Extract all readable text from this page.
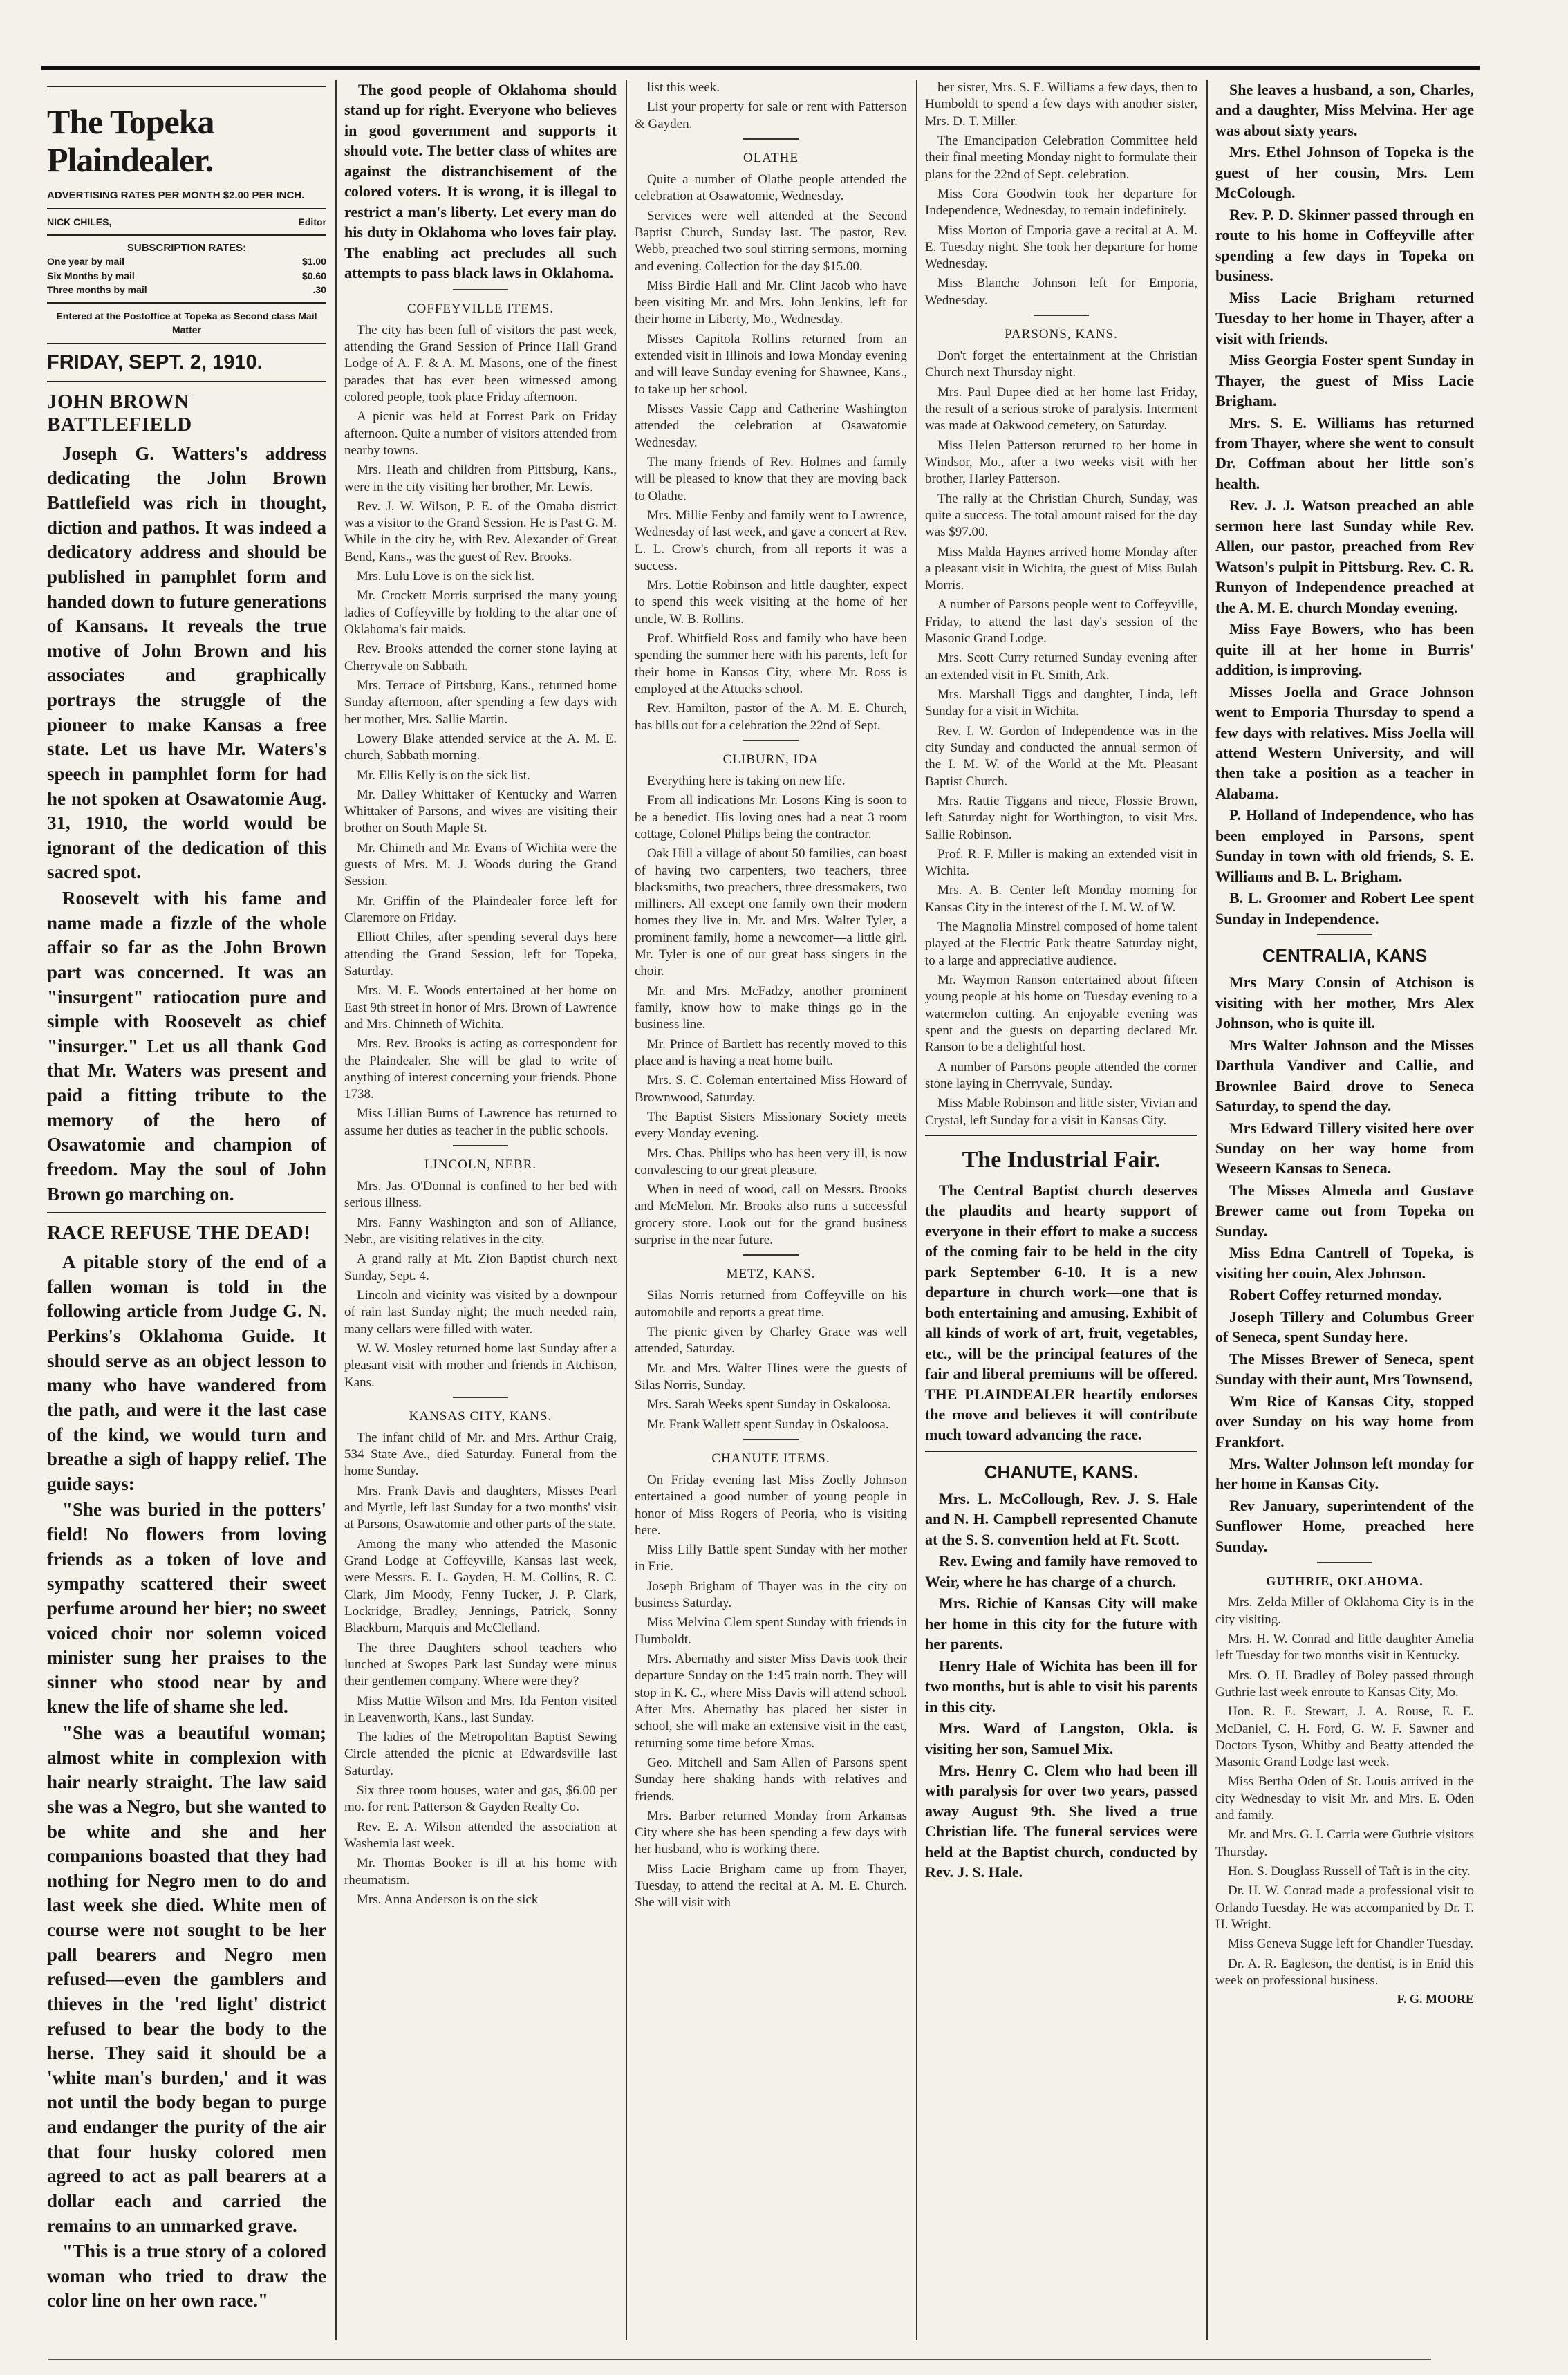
The Topeka Plaindealer.
ADVERTISING RATES PER MONTH $2.00 PER INCH.
NICK CHILES,	Editor
SUBSCRIPTION RATES:
One year by mail	$1.00
Six Months by mail	$0.60
Three months by mail	.30
Entered at the Postoffice at Topeka as Second class Mail Matter
FRIDAY, SEPT. 2, 1910.
JOHN BROWN BATTLEFIELD

Joseph G. Watters's address dedicating the John Brown Battlefield was rich in thought, diction and pathos. It was indeed a dedicatory address and should be published in pamphlet form and handed down to future generations of Kansans. It reveals the true motive of John Brown and his associates and graphically portrays the struggle of the pioneer to make Kansas a free state. Let us have Mr. Waters's speech in pamphlet form for had he not spoken at Osawatomie Aug. 31, 1910, the world would be ignorant of the dedication of this sacred spot.

Roosevelt with his fame and name made a fizzle of the whole affair so far as the John Brown part was concerned. It was an "insurgent" ratiocation pure and simple with Roosevelt as chief "insurger." Let us all thank God that Mr. Waters was present and paid a fitting tribute to the memory of the hero of Osawatomie and champion of freedom. May the soul of John Brown go marching on.

RACE REFUSE THE DEAD!

A pitable story of the end of a fallen woman is told in the following article from Judge G. N. Perkins's Oklahoma Guide. It should serve as an object lesson to many who have wandered from the path, and were it the last case of the kind, we would turn and breathe a sigh of happy relief. The guide says:

"She was buried in the potters' field! No flowers from loving friends as a token of love and sympathy scattered their sweet perfume around her bier; no sweet voiced choir nor solemn voiced minister sung her praises to the sinner who stood near by and knew the life of shame she led.

"She was a beautiful woman; almost white in complexion with hair nearly straight. The law said she was a Negro, but she wanted to be white and she and her companions boasted that they had nothing for Negro men to do and last week she died. White men of course were not sought to be her pall bearers and Negro men refused—even the gamblers and thieves in the 'red light' district refused to bear the body to the herse. They said it should be a 'white man's burden,' and it was not until the body began to purge and endanger the purity of the air that four husky colored men agreed to act as pall bearers at a dollar each and carried the remains to an unmarked grave.

"This is a true story of a colored woman who tried to draw the color line on her own race."

The good people of Oklahoma should stand up for right. Everyone who believes in good government and supports it should vote. The better class of whites are against the distranchisement of the colored voters. It is wrong, it is illegal to restrict a man's liberty. Let every man do his duty in Oklahoma who loves fair play. The enabling act precludes all such attempts to pass black laws in Oklahoma.

COFFEYVILLE ITEMS.

The city has been full of visitors the past week, attending the Grand Session of Prince Hall Grand Lodge of A. F. & A. M. Masons, one of the finest parades that has ever been witnessed among colored people, took place Friday afternoon.

A picnic was held at Forrest Park on Friday afternoon. Quite a number of visitors attended from nearby towns.

Mrs. Heath and children from Pittsburg, Kans., were in the city visiting her brother, Mr. Lewis.

Rev. J. W. Wilson, P. E. of the Omaha district was a visitor to the Grand Session. He is Past G. M. While in the city he, with Rev. Alexander of Great Bend, Kans., was the guest of Rev. Brooks.

Mrs. Lulu Love is on the sick list.

Mr. Crockett Morris surprised the many young ladies of Coffeyville by holding to the altar one of Oklahoma's fair maids.

Rev. Brooks attended the corner stone laying at Cherryvale on Sabbath.

Mrs. Terrace of Pittsburg, Kans., returned home Sunday afternoon, after spending a few days with her mother, Mrs. Sallie Martin.

Lowery Blake attended service at the A. M. E. church, Sabbath morning.

Mr. Ellis Kelly is on the sick list.

Mr. Dalley Whittaker of Kentucky and Warren Whittaker of Parsons, and wives are visiting their brother on South Maple St.

Mr. Chimeth and Mr. Evans of Wichita were the guests of Mrs. M. J. Woods during the Grand Session.

Mr. Griffin of the Plaindealer force left for Claremore on Friday.

Elliott Chiles, after spending several days here attending the Grand Session, left for Topeka, Saturday.

Mrs. M. E. Woods entertained at her home on East 9th street in honor of Mrs. Brown of Lawrence and Mrs. Chinneth of Wichita.

Mrs. Rev. Brooks is acting as correspondent for the Plaindealer. She will be glad to write of anything of interest concerning your friends. Phone 1738.

Miss Lillian Burns of Lawrence has returned to assume her duties as teacher in the public schools.

LINCOLN, NEBR.

Mrs. Jas. O'Donnal is confined to her bed with serious illness.

Mrs. Fanny Washington and son of Alliance, Nebr., are visiting relatives in the city.

A grand rally at Mt. Zion Baptist church next Sunday, Sept. 4.

Lincoln and vicinity was visited by a downpour of rain last Sunday night; the much needed rain, many cellars were filled with water.

W. W. Mosley returned home last Sunday after a pleasant visit with mother and friends in Atchison, Kans.

KANSAS CITY, KANS.

The infant child of Mr. and Mrs. Arthur Craig, 534 State Ave., died Saturday. Funeral from the home Sunday.

Mrs. Frank Davis and daughters, Misses Pearl and Myrtle, left last Sunday for a two months' visit at Parsons, Osawatomie and other parts of the state.

Among the many who attended the Masonic Grand Lodge at Coffeyville, Kansas last week, were Messrs. E. L. Gayden, H. M. Collins, R. C. Clark, Jim Moody, Fenny Tucker, J. P. Clark, Lockridge, Bradley, Jennings, Patrick, Sonny Blackburn, Marquis and McClelland.

The three Daughters school teachers who lunched at Swopes Park last Sunday were minus their gentlemen company. Where were they?

Miss Mattie Wilson and Mrs. Ida Fenton visited in Leavenworth, Kans., last Sunday.

The ladies of the Metropolitan Baptist Sewing Circle attended the picnic at Edwardsville last Saturday.

Six three room houses, water and gas, $6.00 per mo. for rent. Patterson & Gayden Realty Co.

Rev. E. A. Wilson attended the association at Washemia last week.

Mr. Thomas Booker is ill at his home with rheumatism.

Mrs. Anna Anderson is on the sick

list this week.

List your property for sale or rent with Patterson & Gayden.

OLATHE

Quite a number of Olathe people attended the celebration at Osawatomie, Wednesday.

Services were well attended at the Second Baptist Church, Sunday last. The pastor, Rev. Webb, preached two soul stirring sermons, morning and evening. Collection for the day $15.00.

Miss Birdie Hall and Mr. Clint Jacob who have been visiting Mr. and Mrs. John Jenkins, left for their home in Liberty, Mo., Wednesday.

Misses Capitola Rollins returned from an extended visit in Illinois and Iowa Monday evening and will leave Sunday evening for Shawnee, Kans., to take up her school.

Misses Vassie Capp and Catherine Washington attended the celebration at Osawatomie Wednesday.

The many friends of Rev. Holmes and family will be pleased to know that they are moving back to Olathe.

Mrs. Millie Fenby and family went to Lawrence, Wednesday of last week, and gave a concert at Rev. L. L. Crow's church, from all reports it was a success.

Mrs. Lottie Robinson and little daughter, expect to spend this week visiting at the home of her uncle, W. B. Rollins.

Prof. Whitfield Ross and family who have been spending the summer here with his parents, left for their home in Kansas City, where Mr. Ross is employed at the Attucks school.

Rev. Hamilton, pastor of the A. M. E. Church, has bills out for a celebration the 22nd of Sept.

CLIBURN, IDA

Everything here is taking on new life.

From all indications Mr. Losons King is soon to be a benedict. His loving ones had a neat 3 room cottage, Colonel Philips being the contractor.

Oak Hill a village of about 50 families, can boast of having two carpenters, two teachers, three blacksmiths, two preachers, three dressmakers, two milliners. All except one family own their modern homes they live in. Mr. and Mrs. Walter Tyler, a prominent family, home a newcomer—a little girl. Mr. Tyler is one of our great bass singers in the choir.

Mr. and Mrs. McFadzy, another prominent family, know how to make things go in the business line.

Mr. Prince of Bartlett has recently moved to this place and is having a neat home built.

Mrs. S. C. Coleman entertained Miss Howard of Brownwood, Saturday.

The Baptist Sisters Missionary Society meets every Monday evening.

Mrs. Chas. Philips who has been very ill, is now convalescing to our great pleasure.

When in need of wood, call on Messrs. Brooks and McMelon. Mr. Brooks also runs a successful grocery store. Look out for the grand business surprise in the near future.

METZ, KANS.

Silas Norris returned from Coffeyville on his automobile and reports a great time.

The picnic given by Charley Grace was well attended, Saturday.

Mr. and Mrs. Walter Hines were the guests of Silas Norris, Sunday.

Mrs. Sarah Weeks spent Sunday in Oskaloosa.

Mr. Frank Wallett spent Sunday in Oskaloosa.

CHANUTE ITEMS.

On Friday evening last Miss Zoelly Johnson entertained a good number of young people in honor of Miss Rogers of Peoria, who is visiting here.

Miss Lilly Battle spent Sunday with her mother in Erie.

Joseph Brigham of Thayer was in the city on business Saturday.

Miss Melvina Clem spent Sunday with friends in Humboldt.

Mrs. Abernathy and sister Miss Davis took their departure Sunday on the 1:45 train north. They will stop in K. C., where Miss Davis will attend school. After Mrs. Abernathy has placed her sister in school, she will make an extensive visit in the east, returning some time before Xmas.

Geo. Mitchell and Sam Allen of Parsons spent Sunday here shaking hands with relatives and friends.

Mrs. Barber returned Monday from Arkansas City where she has been spending a few days with her husband, who is working there.

Miss Lacie Brigham came up from Thayer, Tuesday, to attend the recital at A. M. E. Church. She will visit with

her sister, Mrs. S. E. Williams a few days, then to Humboldt to spend a few days with another sister, Mrs. D. T. Miller.

The Emancipation Celebration Committee held their final meeting Monday night to formulate their plans for the 22nd of Sept. celebration.

Miss Cora Goodwin took her departure for Independence, Wednesday, to remain indefinitely.

Miss Morton of Emporia gave a recital at A. M. E. Tuesday night. She took her departure for home Wednesday.

Miss Blanche Johnson left for Emporia, Wednesday.

PARSONS, KANS.

Don't forget the entertainment at the Christian Church next Thursday night.

Mrs. Paul Dupee died at her home last Friday, the result of a serious stroke of paralysis. Interment was made at Oakwood cemetery, on Saturday.

Miss Helen Patterson returned to her home in Windsor, Mo., after a two weeks visit with her brother, Harley Patterson.

The rally at the Christian Church, Sunday, was quite a success. The total amount raised for the day was $97.00.

Miss Malda Haynes arrived home Monday after a pleasant visit in Wichita, the guest of Miss Bulah Morris.

A number of Parsons people went to Coffeyville, Friday, to attend the last day's session of the Masonic Grand Lodge.

Mrs. Scott Curry returned Sunday evening after an extended visit in Ft. Smith, Ark.

Mrs. Marshall Tiggs and daughter, Linda, left Sunday for a visit in Wichita.

Rev. I. W. Gordon of Independence was in the city Sunday and conducted the annual sermon of the I. M. W. of the World at the Mt. Pleasant Baptist Church.

Mrs. Rattie Tiggans and niece, Flossie Brown, left Saturday night for Worthington, to visit Mrs. Sallie Robinson.

Prof. R. F. Miller is making an extended visit in Wichita.

Mrs. A. B. Center left Monday morning for Kansas City in the interest of the I. M. W. of W.

The Magnolia Minstrel composed of home talent played at the Electric Park theatre Saturday night, to a large and appreciative audience.

Mr. Waymon Ranson entertained about fifteen young people at his home on Tuesday evening to a watermelon cutting. An enjoyable evening was spent and the guests on departing declared Mr. Ranson to be a delightful host.

A number of Parsons people attended the corner stone laying in Cherryvale, Sunday.

Miss Mable Robinson and little sister, Vivian and Crystal, left Sunday for a visit in Kansas City.

The Industrial Fair.

The Central Baptist church deserves the plaudits and hearty support of everyone in their effort to make a success of the coming fair to be held in the city park September 6-10. It is a new departure in church work—one that is both entertaining and amusing. Exhibit of all kinds of work of art, fruit, vegetables, etc., will be the principal features of the fair and liberal premiums will be offered. THE PLAINDEALER heartily endorses the move and believes it will contribute much toward advancing the race.

CHANUTE, KANS.

Mrs. L. McCollough, Rev. J. S. Hale and N. H. Campbell represented Chanute at the S. S. convention held at Ft. Scott.

Rev. Ewing and family have removed to Weir, where he has charge of a church.

Mrs. Richie of Kansas City will make her home in this city for the future with her parents.

Henry Hale of Wichita has been ill for two months, but is able to visit his parents in this city.

Mrs. Ward of Langston, Okla. is visiting her son, Samuel Mix.

Mrs. Henry C. Clem who had been ill with paralysis for over two years, passed away August 9th. She lived a true Christian life. The funeral services were held at the Baptist church, conducted by Rev. J. S. Hale.

She leaves a husband, a son, Charles, and a daughter, Miss Melvina. Her age was about sixty years.

Mrs. Ethel Johnson of Topeka is the guest of her cousin, Mrs. Lem McColough.

Rev. P. D. Skinner passed through en route to his home in Coffeyville after spending a few days in Topeka on business.

Miss Lacie Brigham returned Tuesday to her home in Thayer, after a visit with friends.

Miss Georgia Foster spent Sunday in Thayer, the guest of Miss Lacie Brigham.

Mrs. S. E. Williams has returned from Thayer, where she went to consult Dr. Coffman about her little son's health.

Rev. J. J. Watson preached an able sermon here last Sunday while Rev. Allen, our pastor, preached from Rev Watson's pulpit in Pittsburg. Rev. C. R. Runyon of Independence preached at the A. M. E. church Monday evening.

Miss Faye Bowers, who has been quite ill at her home in Burris' addition, is improving.

Misses Joella and Grace Johnson went to Emporia Thursday to spend a few days with relatives. Miss Joella will attend Western University, and will then take a position as a teacher in Alabama.

P. Holland of Independence, who has been employed in Parsons, spent Sunday in town with old friends, S. E. Williams and B. L. Brigham.

B. L. Groomer and Robert Lee spent Sunday in Independence.

CENTRALIA, KANS

Mrs Mary Consin of Atchison is visiting with her mother, Mrs Alex Johnson, who is quite ill.

Mrs Walter Johnson and the Misses Darthula Vandiver and Callie, and Brownlee Baird drove to Seneca Saturday, to spend the day.

Mrs Edward Tillery visited here over Sunday on her way home from Weseern Kansas to Seneca.

The Misses Almeda and Gustave Brewer came out from Topeka on Sunday.

Miss Edna Cantrell of Topeka, is visiting her couin, Alex Johnson.

Robert Coffey returned monday.

Joseph Tillery and Columbus Greer of Seneca, spent Sunday here.

The Misses Brewer of Seneca, spent Sunday with their aunt, Mrs Townsend,

Wm Rice of Kansas City, stopped over Sunday on his way home from Frankfort.

Mrs. Walter Johnson left monday for her home in Kansas City.

Rev January, superintendent of the Sunflower Home, preached here Sunday.

GUTHRIE, OKLAHOMA.

Mrs. Zelda Miller of Oklahoma City is in the city visiting.

Mrs. H. W. Conrad and little daughter Amelia left Tuesday for two months visit in Kentucky.

Mrs. O. H. Bradley of Boley passed through Guthrie last week enroute to Kansas City, Mo.

Hon. R. E. Stewart, J. A. Rouse, E. E. McDaniel, C. H. Ford, G. W. F. Sawner and Doctors Tyson, Whitby and Beatty attended the Masonic Grand Lodge last week.

Miss Bertha Oden of St. Louis arrived in the city Wednesday to visit Mr. and Mrs. E. Oden and family.

Mr. and Mrs. G. I. Carria were Guthrie visitors Thursday.

Hon. S. Douglass Russell of Taft is in the city.

Dr. H. W. Conrad made a professional visit to Orlando Tuesday. He was accompanied by Dr. T. H. Wright.

Miss Geneva Sugge left for Chandler Tuesday.

Dr. A. R. Eagleson, the dentist, is in Enid this week on professional business.

F. G. MOORE
